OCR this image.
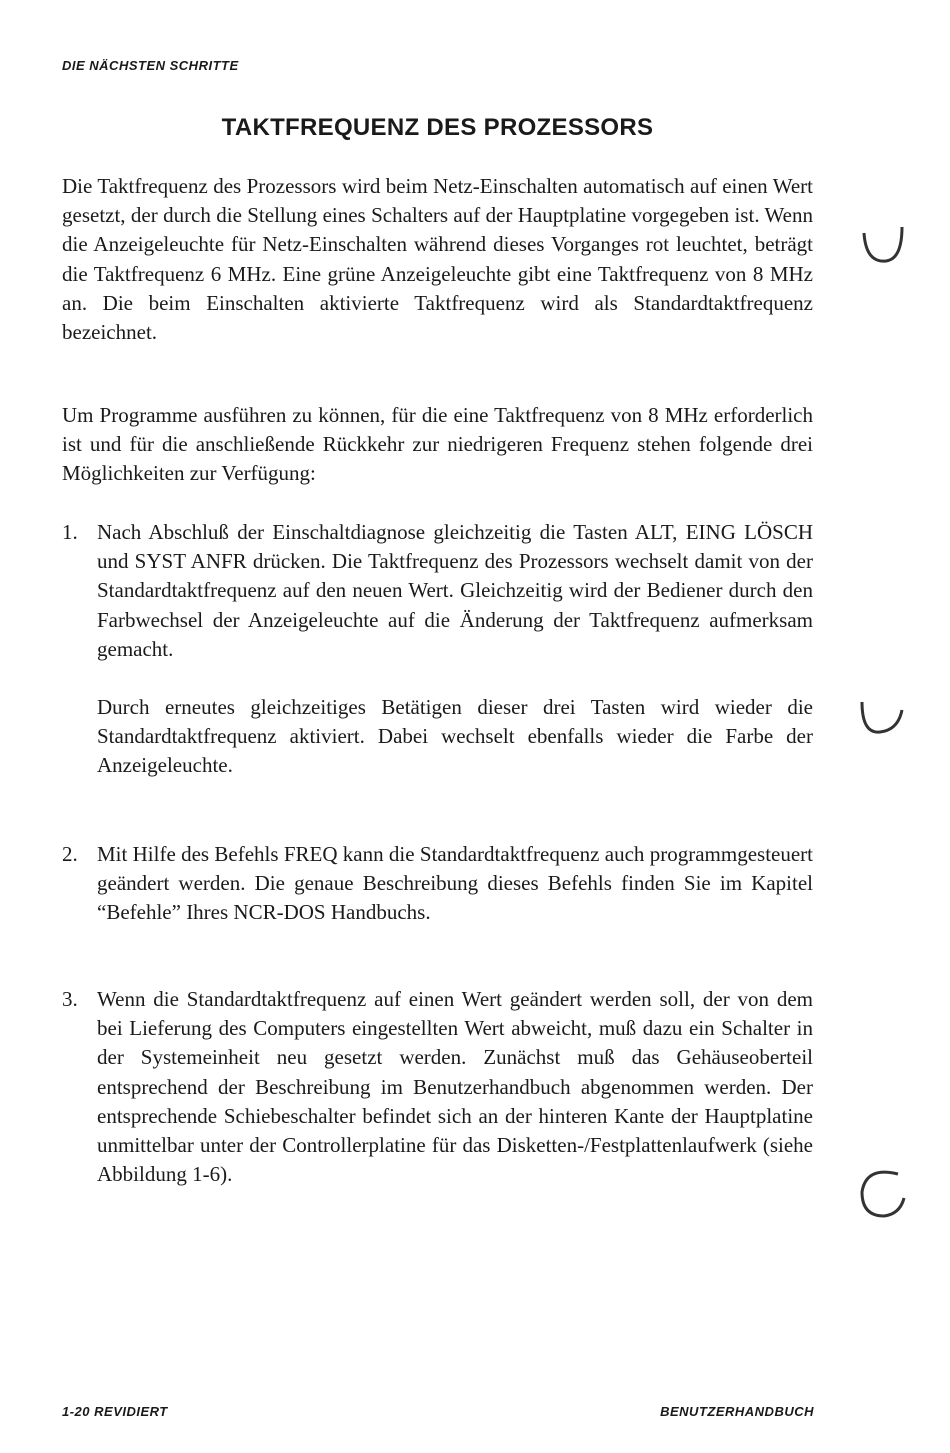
DIE NÄCHSTEN SCHRITTE
TAKTFREQUENZ DES PROZESSORS

Die Taktfrequenz des Prozessors wird beim Netz-Einschalten automatisch auf einen Wert gesetzt, der durch die Stellung eines Schalters auf der Hauptplatine vorgegeben ist. Wenn die Anzeigeleuchte für Netz-Einschalten während dieses Vorganges rot leuchtet, beträgt die Taktfrequenz 6 MHz. Eine grüne Anzeigeleuchte gibt eine Taktfrequenz von 8 MHz an. Die beim Einschalten aktivierte Taktfrequenz wird als Standardtaktfrequenz bezeichnet.

Um Programme ausführen zu können, für die eine Taktfrequenz von 8 MHz erforderlich ist und für die anschließende Rückkehr zur niedrigeren Frequenz stehen folgende drei Möglichkeiten zur Verfügung:

1. Nach Abschluß der Einschaltdiagnose gleichzeitig die Tasten ALT, EING LÖSCH und SYST ANFR drücken. Die Taktfrequenz des Prozessors wechselt damit von der Standardtaktfrequenz auf den neuen Wert. Gleichzeitig wird der Bediener durch den Farbwechsel der Anzeigeleuchte auf die Änderung der Taktfrequenz aufmerksam gemacht.
Durch erneutes gleichzeitiges Betätigen dieser drei Tasten wird wieder die Standardtaktfrequenz aktiviert. Dabei wechselt ebenfalls wieder die Farbe der Anzeigeleuchte.
2. Mit Hilfe des Befehls FREQ kann die Standardtaktfrequenz auch programmgesteuert geändert werden. Die genaue Beschreibung dieses Befehls finden Sie im Kapitel “Befehle” Ihres NCR-DOS Handbuchs.
3. Wenn die Standardtaktfrequenz auf einen Wert geändert werden soll, der von dem bei Lieferung des Computers eingestellten Wert abweicht, muß dazu ein Schalter in der Systemeinheit neu gesetzt werden. Zunächst muß das Gehäuseoberteil entsprechend der Beschreibung im Benutzerhandbuch abgenommen werden. Der entsprechende Schiebeschalter befindet sich an der hinteren Kante der Hauptplatine unmittelbar unter der Controllerplatine für das Disketten-/Festplattenlaufwerk (siehe Abbildung 1-6).
1-20 REVIDIERT	BENUTZERHANDBUCH
